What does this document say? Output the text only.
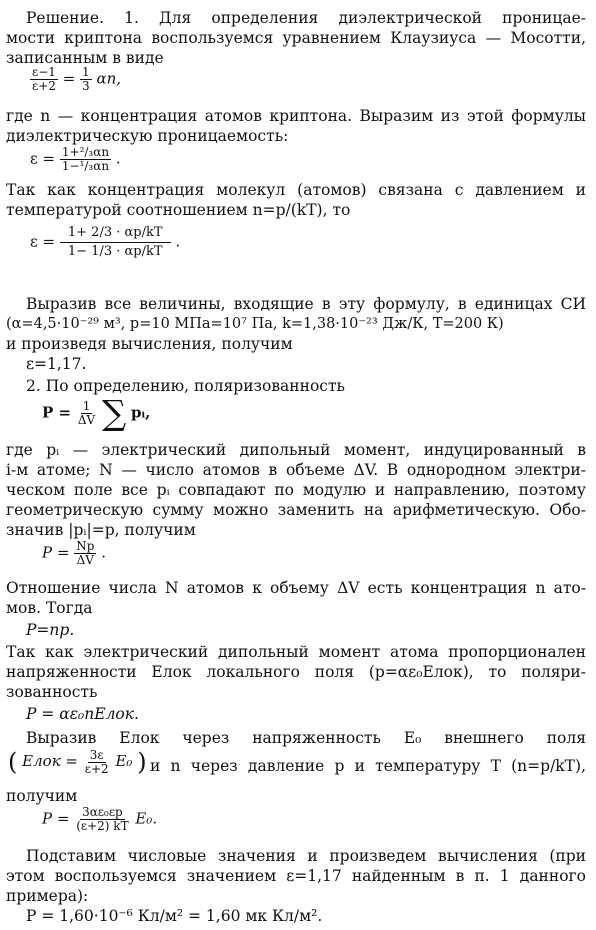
Решение. 1. Для определения диэлектрической проницае-
мости криптона воспользуемся уравнением Клаузиуса — Мосотти,
записанным в виде
$\frac{\varepsilon-1}{\varepsilon+2} = \frac{1}{3} \alpha n$,
где n — концентрация атомов криптона. Выразим из этой формулы
диэлектрическую проницаемость:
$\varepsilon = \frac{\text{1+²/₃αn}}{\text{1−¹/₃αn}}$ .
Так как концентрация молекул (атомов) связана с давлением и
температурой соотношением n=p/(kT), то
$\varepsilon = \frac{1+ 2/3 \cdot \alpha p/kT}{1- 1/3 \cdot \alpha p/kT}$ .
Выразив все величины, входящие в эту формулу, в единицах СИ
(α=4,5·10⁻²⁹ м³, p=10 МПа=10⁷ Па, k=1,38·10⁻²³ Дж/К, T=200 К)
и произведя вычисления, получим
ε=1,17.
2. По определению, поляризованность
$P = \frac{1}{\Delta V}$ ∑ pᵢ,
где pᵢ — электрический дипольный момент, индуцированный в
i-м атоме; N — число атомов в объеме ΔV. В однородном электри-
ческом поле все pᵢ совпадают по модулю и направлению, поэтому
геометрическую сумму можно заменить на арифметическую. Обо-
значив |pᵢ|=p, получим
$P = \frac{Np}{\Delta V}$ .
Отношение числа N атомов к объему ΔV есть концентрация n ато-
мов. Тогда
P=np.
Так как электрический дипольный момент атома пропорционален
напряженности Eлок локального поля (p=αε₀Eлок), то поляри-
зованность
P = αε₀nEлок.
Выразив Eлок через напряженность E₀ внешнего поля
( Eлок = $\frac{3\varepsilon}{\varepsilon+2} E_0$ ) и n через давление p и температуру T (n=p/kT),
получим
$P = \frac{\text{3αε₀εp}}{(\varepsilon+2) kT} E_0$.
Подставим числовые значения и произведем вычисления (при
этом воспользуемся значением ε=1,17 найденным в п. 1 данного
примера):
P = 1,60·10⁻⁶ Кл/м² = 1,60 мк Кл/м².
